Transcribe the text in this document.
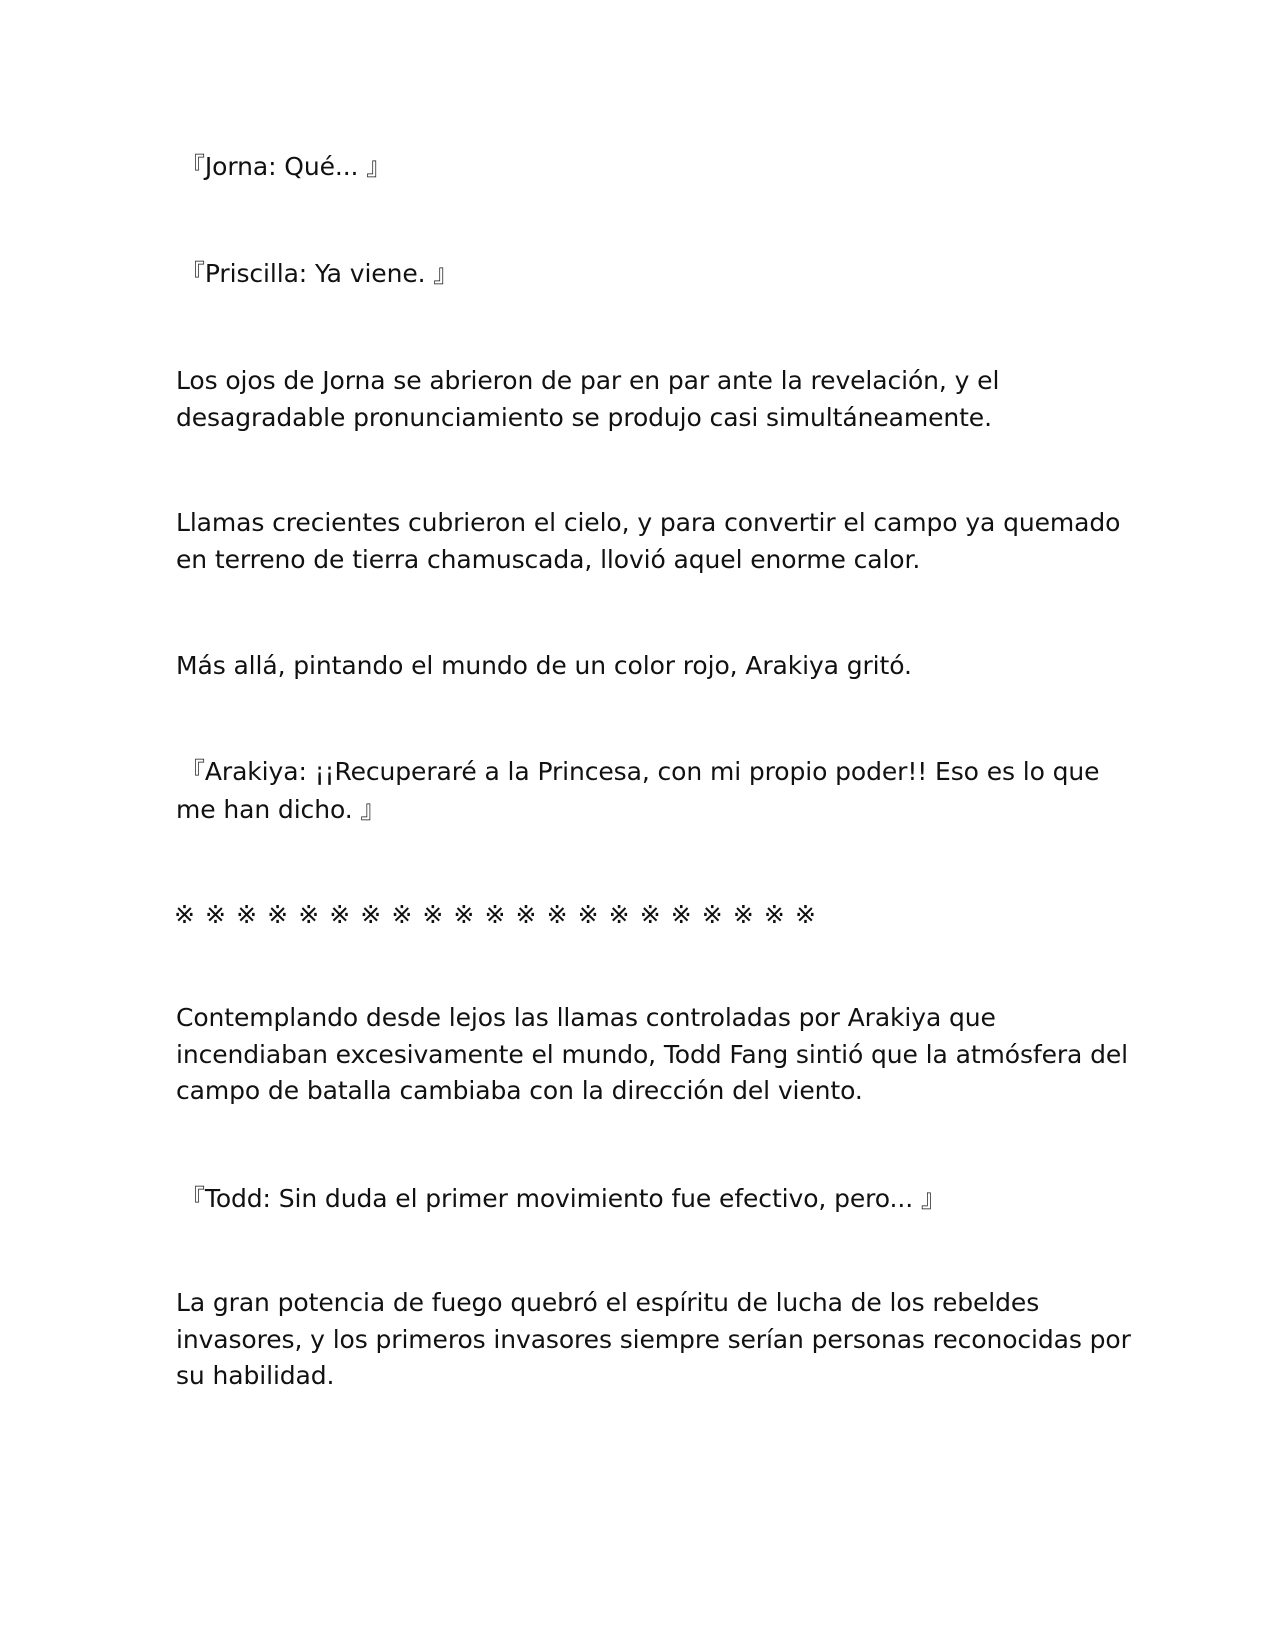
『Jorna: Qué... 』
『Priscilla: Ya viene. 』
Los ojos de Jorna se abrieron de par en par ante la revelación, y el
desagradable pronunciamiento se produjo casi simultáneamente.
Llamas crecientes cubrieron el cielo, y para convertir el campo ya quemado
en terreno de tierra chamuscada, llovió aquel enorme calor.
Más allá, pintando el mundo de un color rojo, Arakiya gritó.
『Arakiya: ¡¡Recuperaré a la Princesa, con mi propio poder!! Eso es lo que
me han dicho. 』
※※※※※※※※※※※※※※※※※※※※※
Contemplando desde lejos las llamas controladas por Arakiya que
incendiaban excesivamente el mundo, Todd Fang sintió que la atmósfera del
campo de batalla cambiaba con la dirección del viento.
『Todd: Sin duda el primer movimiento fue efectivo, pero... 』
La gran potencia de fuego quebró el espíritu de lucha de los rebeldes
invasores, y los primeros invasores siempre serían personas reconocidas por
su habilidad.
